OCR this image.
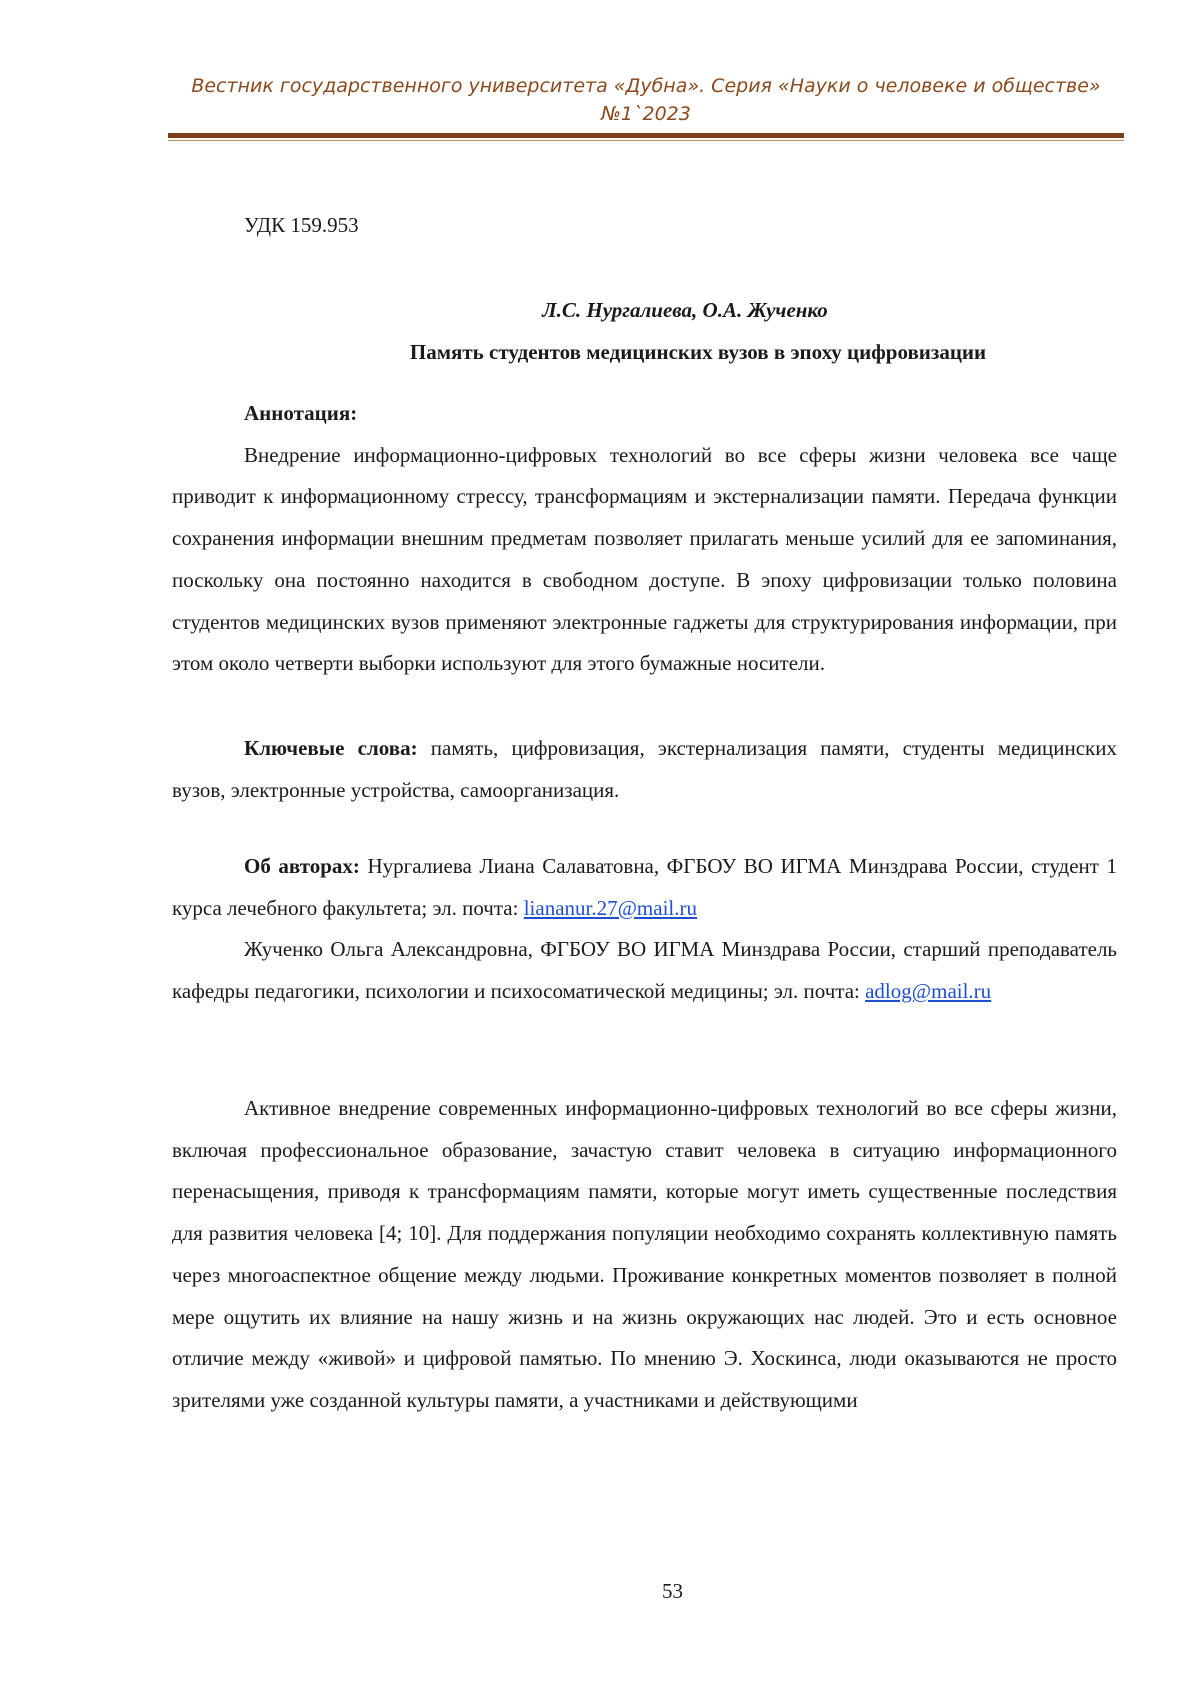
Вестник государственного университета «Дубна». Серия «Науки о человеке и обществе»
№1`2023
УДК 159.953
Л.С. Нургалиева, О.А. Жученко
Память студентов медицинских вузов в эпоху цифровизации

Аннотация:

Внедрение информационно-цифровых технологий во все сферы жизни человека все чаще приводит к информационному стрессу, трансформациям и экстернализации памяти. Передача функции сохранения информации внешним предметам позволяет прилагать меньше усилий для ее запоминания, поскольку она постоянно находится в свободном доступе. В эпоху цифровизации только половина студентов медицинских вузов применяют электронные гаджеты для структурирования информации, при этом около четверти выборки используют для этого бумажные носители.

Ключевые слова: память, цифровизация, экстернализация памяти, студенты медицинских вузов, электронные устройства, самоорганизация.

Об авторах: Нургалиева Лиана Салаватовна, ФГБОУ ВО ИГМА Минздрава России, студент 1 курса лечебного факультета; эл. почта: liananur.27@mail.ru

Жученко Ольга Александровна, ФГБОУ ВО ИГМА Минздрава России, старший преподаватель кафедры педагогики, психологии и психосоматической медицины; эл. почта: adlog@mail.ru

Активное внедрение современных информационно-цифровых технологий во все сферы жизни, включая профессиональное образование, зачастую ставит человека в ситуацию информационного перенасыщения, приводя к трансформациям памяти, которые могут иметь существенные последствия для развития человека [4; 10]. Для поддержания популяции необходимо сохранять коллективную память через многоаспектное общение между людьми. Проживание конкретных моментов позволяет в полной мере ощутить их влияние на нашу жизнь и на жизнь окружающих нас людей. Это и есть основное отличие между «живой» и цифровой памятью. По мнению Э. Хоскинса, люди оказываются не просто зрителями уже созданной культуры памяти, а участниками и действующими

53
